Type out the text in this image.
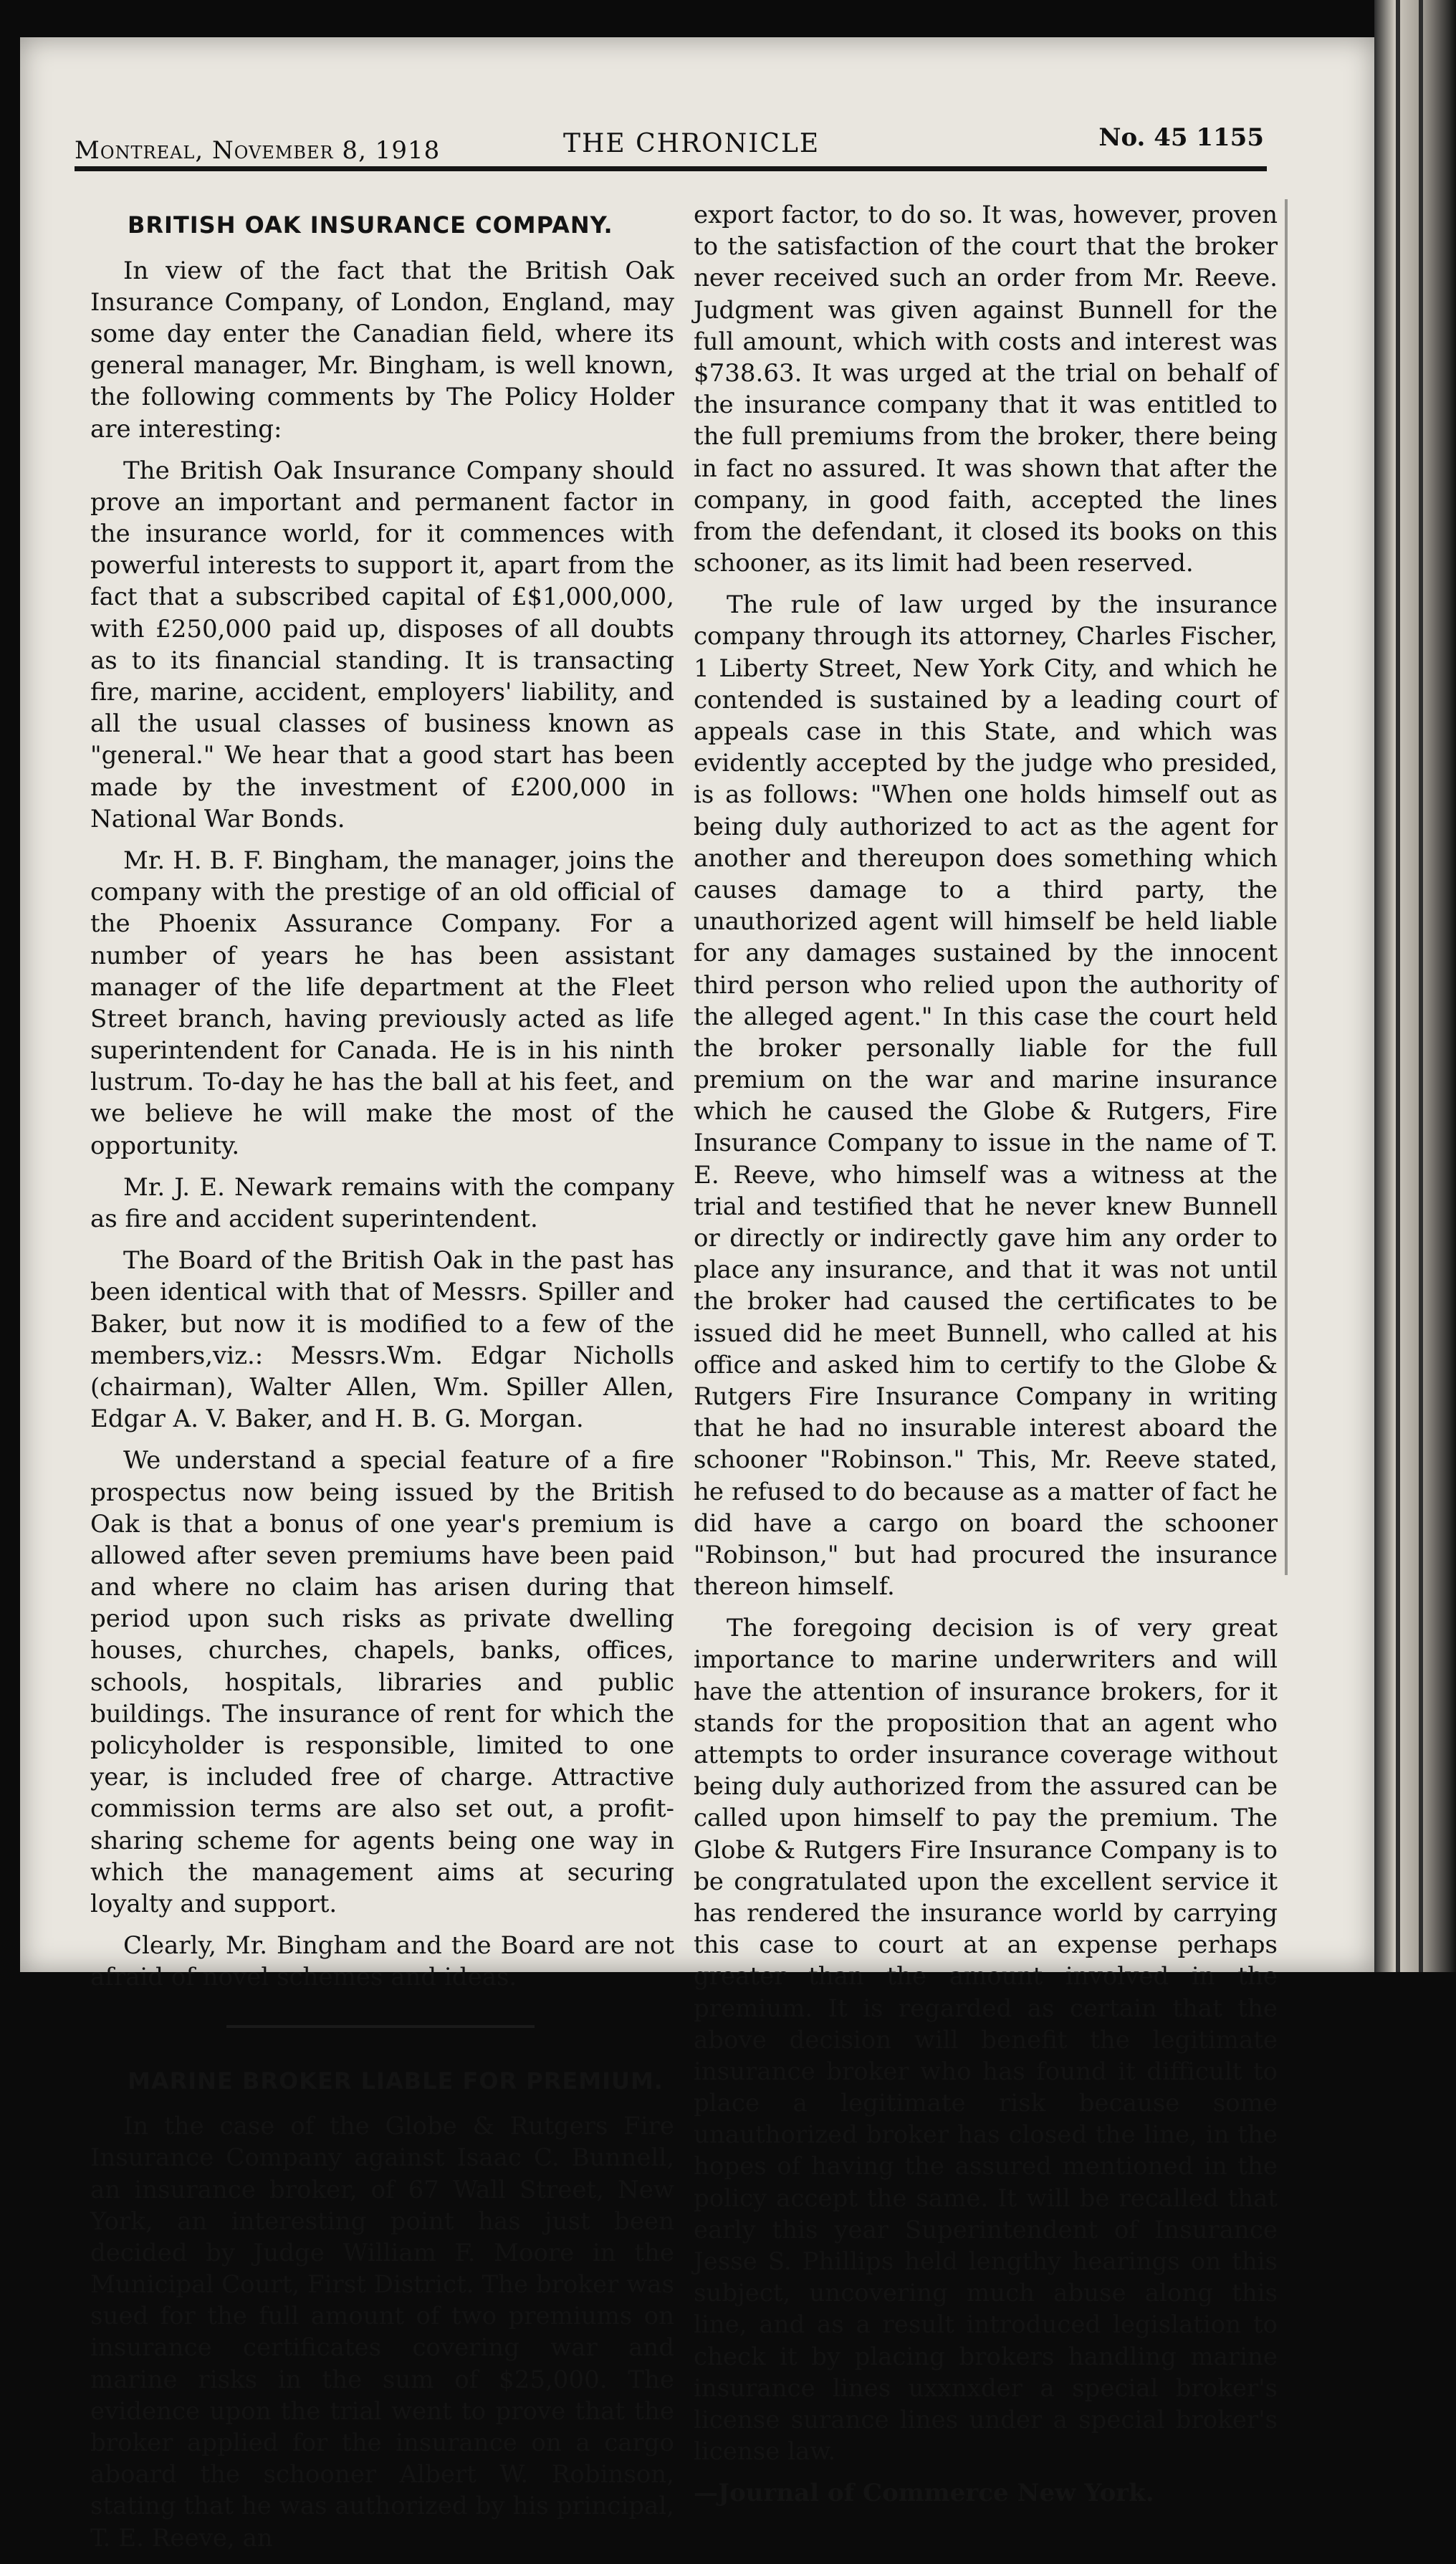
Montreal, November 8, 1918	THE CHRONICLE	No. 45 1155
BRITISH OAK INSURANCE COMPANY.

In view of the fact that the British Oak Insurance Company, of London, England, may some day enter the Canadian field, where its general manager, Mr. Bingham, is well known, the following comments by The Policy Holder are interesting:

The British Oak Insurance Company should prove an important and permanent factor in the insurance world, for it commences with powerful interests to support it, apart from the fact that a subscribed capital of £$1,000,000, with £250,000 paid up, disposes of all doubts as to its financial standing. It is transacting fire, marine, accident, employers' liability, and all the usual classes of business known as "general." We hear that a good start has been made by the investment of £200,000 in National War Bonds.

Mr. H. B. F. Bingham, the manager, joins the company with the prestige of an old official of the Phoenix Assurance Company. For a number of years he has been assistant manager of the life department at the Fleet Street branch, having previously acted as life superintendent for Canada. He is in his ninth lustrum. To-day he has the ball at his feet, and we believe he will make the most of the opportunity.

Mr. J. E. Newark remains with the company as fire and accident superintendent.

The Board of the British Oak in the past has been identical with that of Messrs. Spiller and Baker, but now it is modified to a few of the members,viz.: Messrs.Wm. Edgar Nicholls (chairman), Walter Allen, Wm. Spiller Allen, Edgar A. V. Baker, and H. B. G. Morgan.

We understand a special feature of a fire prospectus now being issued by the British Oak is that a bonus of one year's premium is allowed after seven premiums have been paid and where no claim has arisen during that period upon such risks as private dwelling houses, churches, chapels, banks, offices, schools, hospitals, libraries and public buildings. The insurance of rent for which the policyholder is responsible, limited to one year, is included free of charge. Attractive commission terms are also set out, a profit-sharing scheme for agents being one way in which the management aims at securing loyalty and support.

Clearly, Mr. Bingham and the Board are not afraid of novel schemes and ideas.

MARINE BROKER LIABLE FOR PREMIUM.

In the case of the Globe & Rutgers Fire Insurance Company against Isaac C. Bunnell, an insurance broker, of 67 Wall Street, New York, an interesting point has just been decided by Judge William F. Moore in the Municipal Court, First District. The broker was sued for the full amount of two premiums on insurance certificates covering war and marine risks in the sum of $25,000. The evidence upon the trial went to prove that the broker applied for the insurance on a cargo aboard the schooner Albert W. Robinson, stating that he was authorized by his principal, T. E. Reeve, an

export factor, to do so. It was, however, proven to the satisfaction of the court that the broker never received such an order from Mr. Reeve. Judgment was given against Bunnell for the full amount, which with costs and interest was $738.63. It was urged at the trial on behalf of the insurance company that it was entitled to the full premiums from the broker, there being in fact no assured. It was shown that after the company, in good faith, accepted the lines from the defendant, it closed its books on this schooner, as its limit had been reserved.

The rule of law urged by the insurance company through its attorney, Charles Fischer, 1 Liberty Street, New York City, and which he contended is sustained by a leading court of appeals case in this State, and which was evidently accepted by the judge who presided, is as follows: "When one holds himself out as being duly authorized to act as the agent for another and thereupon does something which causes damage to a third party, the unauthorized agent will himself be held liable for any damages sustained by the innocent third person who relied upon the authority of the alleged agent." In this case the court held the broker personally liable for the full premium on the war and marine insurance which he caused the Globe & Rutgers, Fire Insurance Company to issue in the name of T. E. Reeve, who himself was a witness at the trial and testified that he never knew Bunnell or directly or indirectly gave him any order to place any insurance, and that it was not until the broker had caused the certificates to be issued did he meet Bunnell, who called at his office and asked him to certify to the Globe & Rutgers Fire Insurance Company in writing that he had no insurable interest aboard the schooner "Robinson." This, Mr. Reeve stated, he refused to do because as a matter of fact he did have a cargo on board the schooner "Robinson," but had procured the insurance thereon himself.

The foregoing decision is of very great importance to marine underwriters and will have the attention of insurance brokers, for it stands for the proposition that an agent who attempts to order insurance coverage without being duly authorized from the assured can be called upon himself to pay the premium. The Globe & Rutgers Fire Insurance Company is to be congratulated upon the excellent service it has rendered the insurance world by carrying this case to court at an expense perhaps greater than the amount involved in the premium. It is regarded as certain that the above decision will benefit the legitimate insurance broker who has found it difficult to place a legitimate risk because some unauthorized broker has closed the line, in the hopes of having the assured mentioned in the policy accept the same. It will be recalled that early this year Superintendent of Insurance Jesse S. Phillips held lengthy hearings on this subject, uncovering much abuse along this line, and as a result introduced legislation to check it by placing brokers handling marine insurance lines uxxnxder a special broker's license surance lines under a special broker's license law.

—Journal of Commerce New York.
